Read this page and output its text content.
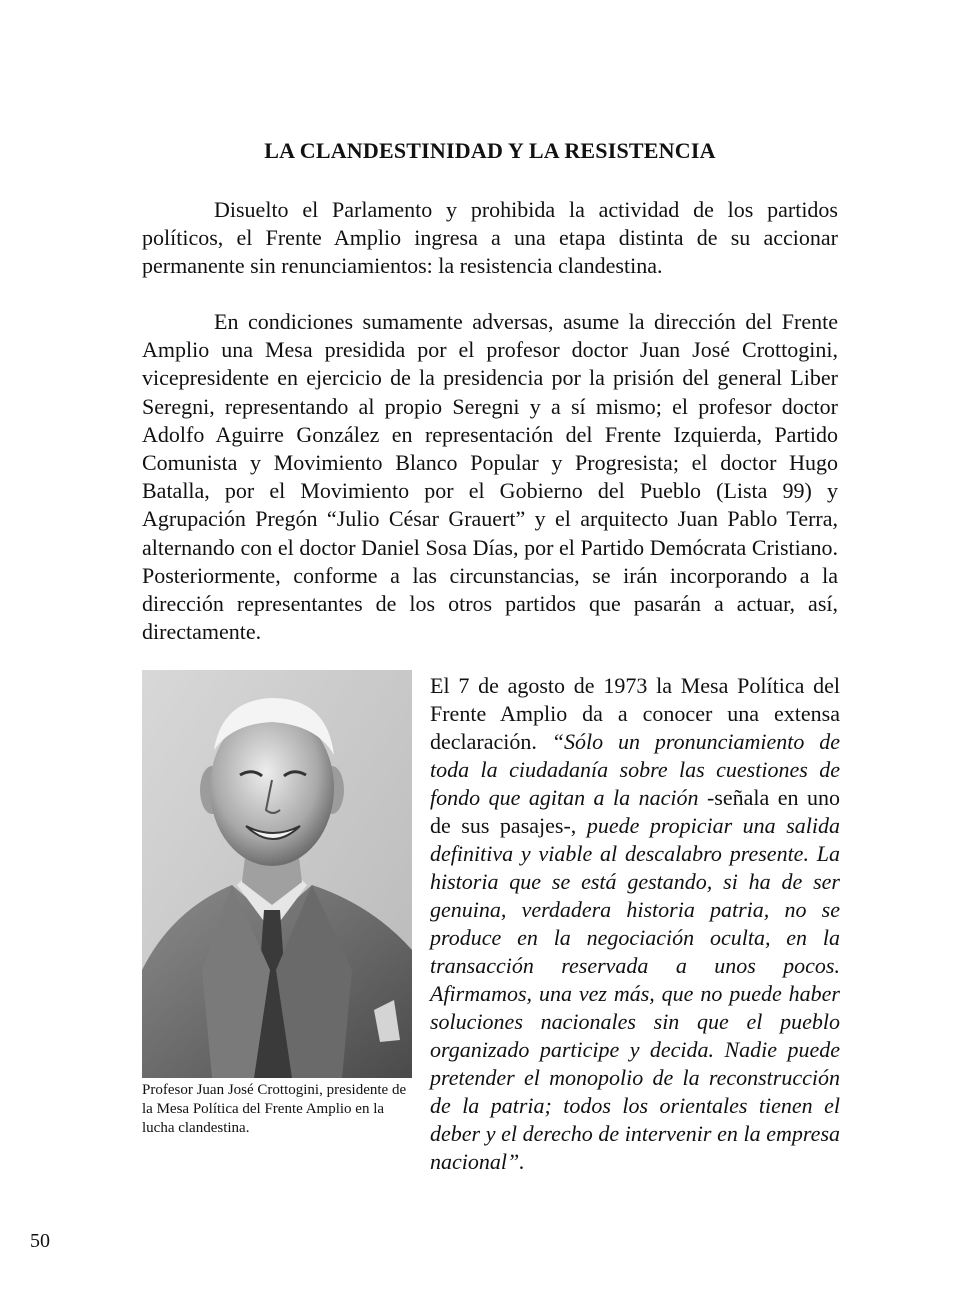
LA CLANDESTINIDAD Y LA RESISTENCIA

Disuelto el Parlamento y prohibida la actividad de los partidos políticos, el Frente Amplio ingresa a una etapa distinta de su accionar permanente sin renunciamientos: la resistencia clandestina.

En condiciones sumamente adversas, asume la dirección del Frente Amplio una Mesa presidida por el profesor doctor Juan José Crottogini, vicepresidente en ejercicio de la presidencia por la prisión del general Liber Seregni, representando al propio Seregni y a sí mismo; el profesor doctor Adolfo Aguirre González en representación del Frente Izquierda, Partido Comunista y Movimiento Blanco Popular y Progresista; el doctor Hugo Batalla, por el Movimiento por el Gobierno del Pueblo (Lista 99) y Agrupación Pregón “Julio César Grauert” y el arquitecto Juan Pablo Terra, alternando con el doctor Daniel Sosa Días, por el Partido Demócrata Cristiano. Posteriormente, conforme a las circunstancias, se irán incorporando a la dirección representantes de los otros partidos que pasarán a actuar, así, directamente.

Profesor Juan José Crottogini, presidente de la Mesa Política del Frente Amplio en la lucha clandestina.

El 7 de agosto de 1973 la Mesa Política del Frente Amplio da a conocer una extensa declaración. “Sólo un pronunciamiento de toda la ciudadanía sobre las cuestiones de fondo que agitan a la nación -señala en uno de sus pasajes-, puede propiciar una salida definitiva y viable al descalabro presente. La historia que se está gestando, si ha de ser genuina, verdadera historia patria, no se produce en la negociación oculta, en la transacción reservada a unos pocos. Afirmamos, una vez más, que no puede haber soluciones nacionales sin que el pueblo organizado participe y decida. Nadie puede pretender el monopolio de la reconstrucción de la patria; todos los orientales tienen el deber y el derecho de intervenir en la empresa nacional”.

50
